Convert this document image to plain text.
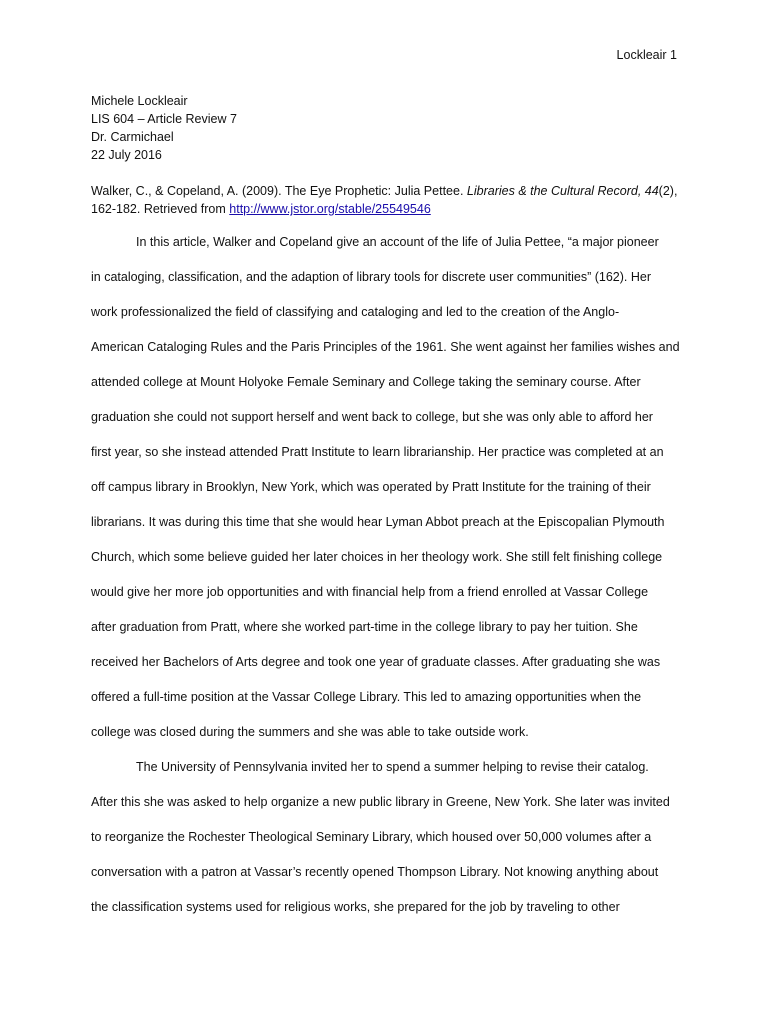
Lockleair 1
Michele Lockleair
LIS 604 – Article Review 7
Dr. Carmichael
22 July 2016
Walker, C., & Copeland, A. (2009). The Eye Prophetic: Julia Pettee. Libraries & the Cultural Record, 44(2), 162-182. Retrieved from http://www.jstor.org/stable/25549546
In this article, Walker and Copeland give an account of the life of Julia Pettee, “a major pioneer
in cataloging, classification, and the adaption of library tools for discrete user communities” (162). Her
work professionalized the field of classifying and cataloging and led to the creation of the Anglo-
American Cataloging Rules and the Paris Principles of the 1961. She went against her families wishes and
attended college at Mount Holyoke Female Seminary and College taking the seminary course. After
graduation she could not support herself and went back to college, but she was only able to afford her
first year, so she instead attended Pratt Institute to learn librarianship. Her practice was completed at an
off campus library in Brooklyn, New York, which was operated by Pratt Institute for the training of their
librarians. It was during this time that she would hear Lyman Abbot preach at the Episcopalian Plymouth
Church, which some believe guided her later choices in her theology work. She still felt finishing college
would give her more job opportunities and with financial help from a friend enrolled at Vassar College
after graduation from Pratt, where she worked part-time in the college library to pay her tuition. She
received her Bachelors of Arts degree and took one year of graduate classes. After graduating she was
offered a full-time position at the Vassar College Library. This led to amazing opportunities when the
college was closed during the summers and she was able to take outside work.
The University of Pennsylvania invited her to spend a summer helping to revise their catalog.
After this she was asked to help organize a new public library in Greene, New York. She later was invited
to reorganize the Rochester Theological Seminary Library, which housed over 50,000 volumes after a
conversation with a patron at Vassar’s recently opened Thompson Library. Not knowing anything about
the classification systems used for religious works, she prepared for the job by traveling to other
